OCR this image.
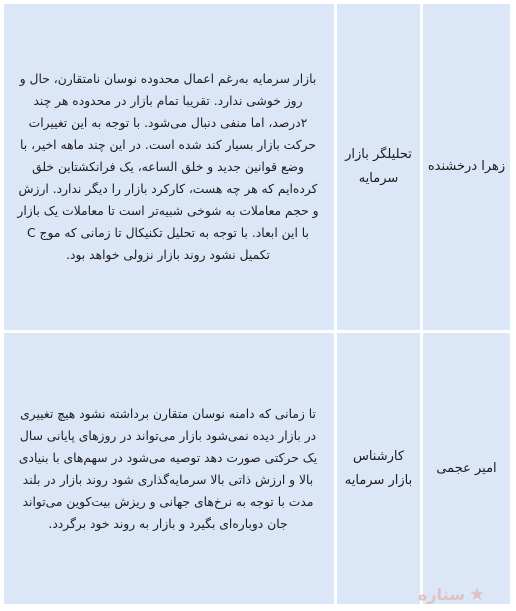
بازار سرمایه به‌رغم اعمال محدوده نوسان نامتقارن، حال و روز خوشی ندارد. تقریبا تمام بازار در محدوده هر چند ۲درصد، اما منفی دنبال می‌شود. با توجه به این تغییرات حرکت بازار بسیار کند شده است. در این چند ماهه اخیر، با وضع قوانین جدید و خلق الساعه، یک فرانکشتاین خلق کرده‌ایم که هر چه هست، کارکرد بازار را دیگر ندارد. ارزش و حجم معاملات به شوخی شبیه‌تر است تا معاملات یک بازار با این ابعاد. با توجه به تحلیل تکنیکال تا زمانی که موج C تکمیل نشود روند بازار نزولی خواهد بود.
تحلیلگر بازار سرمایه
زهرا درخشنده
تا زمانی که دامنه نوسان متقارن برداشته نشود هیچ تغییری در بازار دیده نمی‌شود بازار می‌تواند در روزهای پایانی سال یک حرکتی صورت دهد توصیه می‌شود در سهم‌های با بنیادی بالا و ارزش ذاتی بالا سرمایه‌گذاری شود روند بازار در بلند مدت با توجه به نرخ‌های جهانی و ریزش بیت‌کوین می‌تواند جان دوباره‌ای بگیرد و بازار به روند خود برگردد.
کارشناس بازار سرمایه
امیر عجمی
ستاره
